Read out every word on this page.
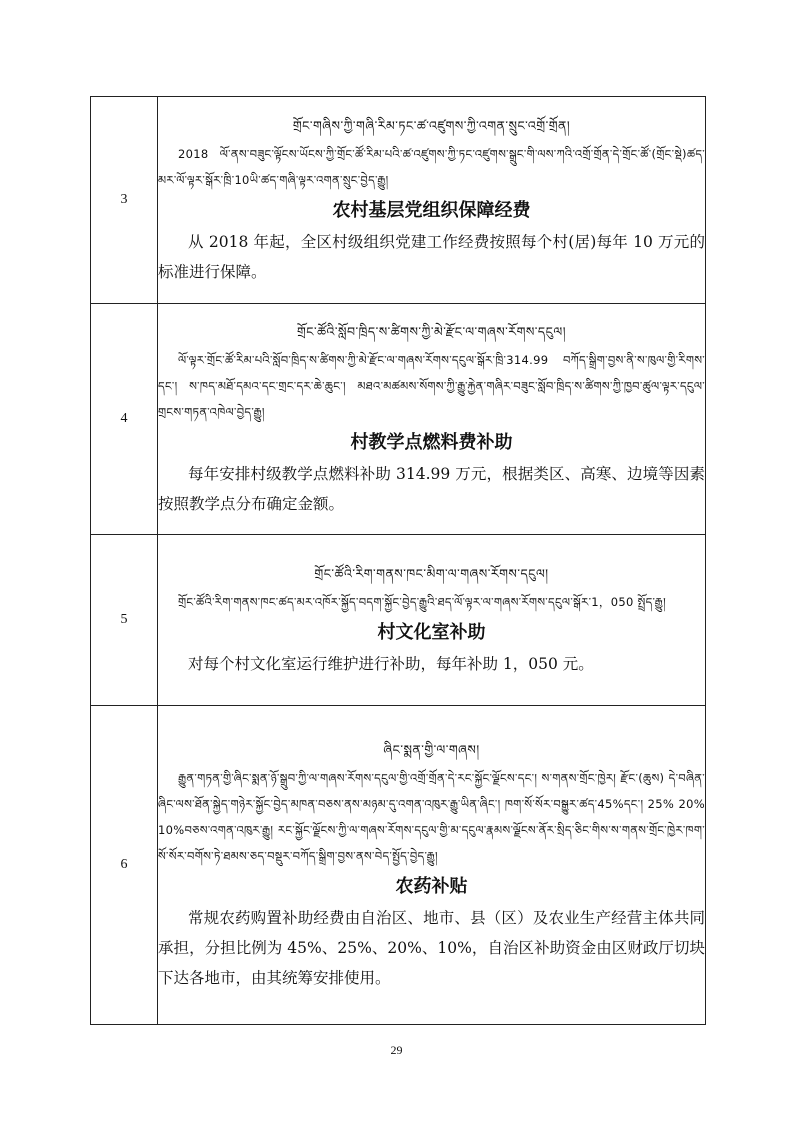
3	གྲོང་གཞིས་ཀྱི་གཞི་རིམ་ཏང་ཚ་འཛུགས་ཀྱི་འགན་སྲུང་འགྲོ་གྲོན།

2018 ལོ་ནས་བཟུང་ལྟོངས་ཡོངས་ཀྱི་གྲོང་ཚོ་རིམ་པའི་ཚ་འཛུགས་ཀྱི་ཏང་འཛུགས་སྒྲུང་གི་ལས་ཀའི་འགྲོ་གྲོན་དེ་གྲོང་ཚོ་(གྲོང་སྡེ)ཚད་མར་ལོ་ལྟར་སྒོར་ཁྲི་10ཡི་ཚད་གཞི་ལྟར་འགན་སྲུང་བྱེད་རྒྱུ།

农村基层党组织保障经费

从 2018 年起，全区村级组织党建工作经费按照每个村(居)每年 10 万元的标准进行保障。

4	གྲོང་ཚོའི་སློབ་ཁྲིད་ས་ཚིགས་ཀྱི་མེ་རྫོང་ལ་གཞས་རོགས་དངུལ།

ལོ་ལྟར་གྲོང་ཚོ་རིམ་པའི་སློབ་ཁྲིད་ས་ཚིགས་ཀྱི་མེ་རྫོང་ལ་གཞས་རོགས་དངུལ་སྒོར་ཁྲི་314.99 བཀོད་སྒྲིག་བྱས་ནི་ས་ཁུལ་གྱི་རིགས་དང་། ས་ཁད་མཐོ་དམའ་དང་གྲང་དར་ཆེ་ཆུང་། མཐའ་མཚམས་སོགས་ཀྱི་རྒྱུ་རྐྱེན་གཞིར་བཟུང་སློབ་ཁྲིད་ས་ཚིགས་ཀྱི་ཁྱབ་ཚུལ་ལྟར་དངུལ་གྲངས་གཏན་འཁེལ་བྱེད་རྒྱུ།

村教学点燃料费补助

每年安排村级教学点燃料补助 314.99 万元，根据类区、高寒、边境等因素按照教学点分布确定金额。

5	གྲོང་ཚོའི་རིག་གནས་ཁང་མིག་ལ་གཞས་རོགས་དངུལ།

གྲོང་ཚོའི་རིག་གནས་ཁང་ཚད་མར་འཁོར་སྐྱོད་བདག་སྐྱོང་བྱེད་རྒྱུའི་ཐད་ལོ་ལྟར་ལ་གཞས་རོགས་དངུལ་སྒོར་1，050 སྤྲོད་རྒྱུ།

村文化室补助

对每个村文化室运行维护进行补助，每年补助 1，050 元。

6	ཞིང་སྨན་གྱི་ལ་གཞས།

རྒྱུན་གཏན་གྱི་ཞིང་སྨན་ཉོ་སྒྲུབ་ཀྱི་ལ་གཞས་རོགས་དངུལ་གྱི་འགྲོ་གྲོན་དེ་རང་སྐྱོང་ལྗོངས་དང་། ས་གནས་གྲོང་ཁྱེར། རྫོང་(ཆུས) དེ་བཞིན་ཞིང་ལས་ཐོན་སྐྱེད་གཉེར་སྐྱོང་བྱེད་མཁན་བཅས་ནས་མཉམ་དུ་འགན་འཁུར་རྒྱུ་ཡིན་ཞིང་། ཁག་སོ་སོར་བསྒྱུར་ཚད་45%དང་། 25% 20% 10%བཅས་འགན་འཁུར་རྒྱུ། རང་སྐྱོང་ལྗོངས་ཀྱི་ལ་གཞས་རོགས་དངུལ་གྱི་མ་དངུལ་རྣམས་ལྗོངས་ནོར་སྲིད་ཅིང་གིས་ས་གནས་གྲོང་ཁྱེར་ཁག་སོ་སོར་བགོས་ཏེ་ཐམས་ཅད་བསྡུར་བཀོད་སྒྲིག་བྱས་ནས་བེད་སྤྱོད་བྱེད་རྒྱུ།

农药补贴

常规农药购置补助经费由自治区、地市、县（区）及农业生产经营主体共同承担，分担比例为 45%、25%、20%、10%，自治区补助资金由区财政厅切块下达各地市，由其统筹安排使用。

29
